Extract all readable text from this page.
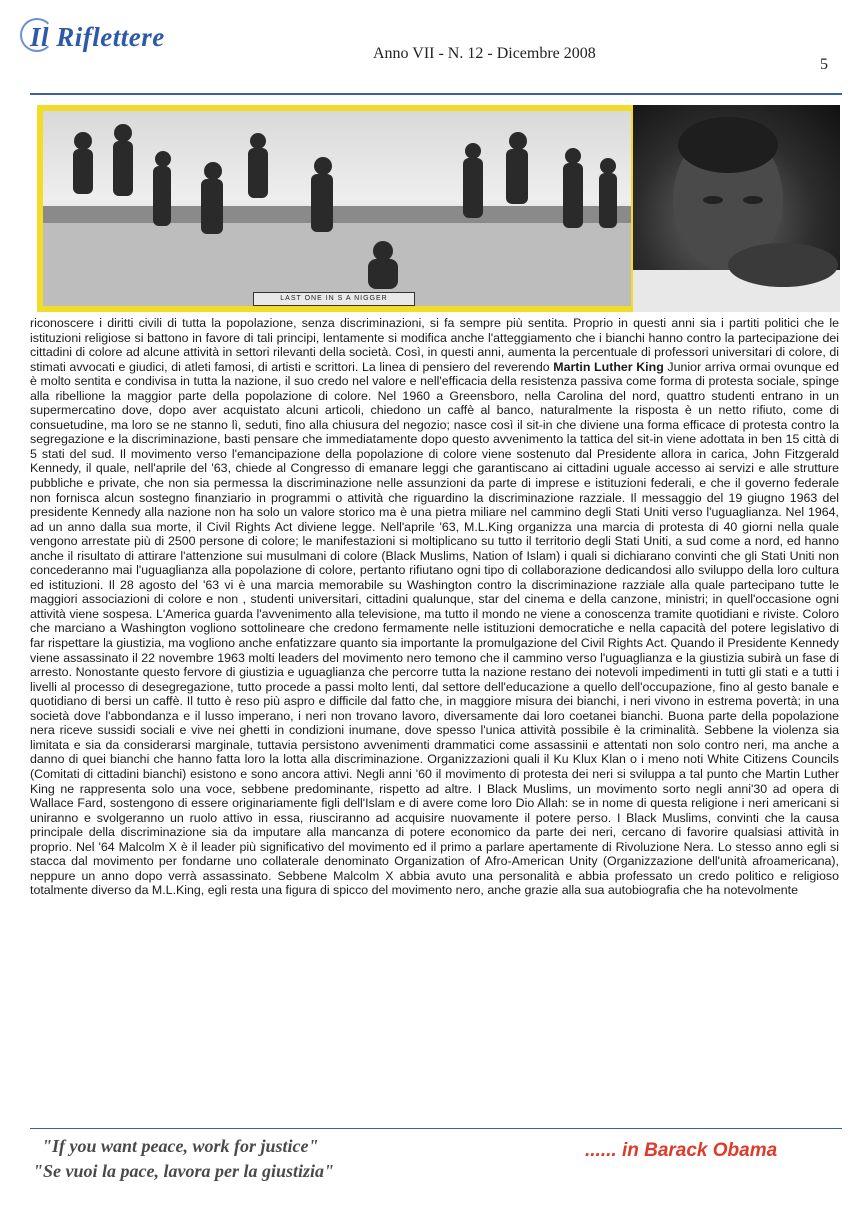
Il Riflettere
Anno VII - N. 12 - Dicembre 2008
5
LAST ONE IN S A NIGGER
riconoscere i diritti civili di tutta la popolazione, senza discriminazioni, si fa sempre più sentita. Proprio in questi anni sia i partiti politici che le istituzioni religiose si battono in favore di tali principi, lentamente si modifica anche l'atteggiamento che i bianchi hanno contro la partecipazione dei cittadini di colore ad alcune attività in settori rilevanti della società. Così, in questi anni, aumenta la percentuale di professori universitari di colore, di stimati avvocati e giudici, di atleti famosi, di artisti e scrittori. La linea di pensiero del reverendo Martin Luther King Junior arriva ormai ovunque ed è molto sentita e condivisa in tutta la nazione, il suo credo nel valore e nell'efficacia della resistenza passiva come forma di protesta sociale, spinge alla ribellione la maggior parte della popolazione di colore. Nel 1960 a Greensboro, nella Carolina del nord, quattro studenti entrano in un supermercatino dove, dopo aver acquistato alcuni articoli, chiedono un caffè al banco, naturalmente la risposta è un netto rifiuto, come di consuetudine, ma loro se ne stanno lì, seduti, fino alla chiusura del negozio; nasce così il sit-in che diviene una forma efficace di protesta contro la segregazione e la discriminazione, basti pensare che immediatamente dopo questo avvenimento la tattica del sit-in viene adottata in ben 15 città di 5 stati del sud. Il movimento verso l'emancipazione della popolazione di colore viene sostenuto dal Presidente allora in carica, John Fitzgerald Kennedy, il quale, nell'aprile del '63, chiede al Congresso di emanare leggi che garantiscano ai cittadini uguale accesso ai servizi e alle strutture pubbliche e private, che non sia permessa la discriminazione nelle assunzioni da parte di imprese e istituzioni federali, e che il governo federale non fornisca alcun sostegno finanziario in programmi o attività che riguardino la discriminazione razziale. Il messaggio del 19 giugno 1963 del presidente Kennedy alla nazione non ha solo un valore storico ma è una pietra miliare nel cammino degli Stati Uniti verso l'uguaglianza. Nel 1964, ad un anno dalla sua morte, il Civil Rights Act diviene legge. Nell'aprile '63, M.L.King organizza una marcia di protesta di 40 giorni nella quale vengono arrestate più di 2500 persone di colore; le manifestazioni si moltiplicano su tutto il territorio degli Stati Uniti, a sud come a nord, ed hanno anche il risultato di attirare l'attenzione sui musulmani di colore (Black Muslims, Nation of Islam) i quali si dichiarano convinti che gli Stati Uniti non concederanno mai l'uguaglianza alla popolazione di colore, pertanto rifiutano ogni tipo di collaborazione dedicandosi allo sviluppo della loro cultura ed istituzioni. Il 28 agosto del '63 vi è una marcia memorabile su Washington contro la discriminazione razziale alla quale partecipano tutte le maggiori associazioni di colore e non , studenti universitari, cittadini qualunque, star del cinema e della canzone, ministri; in quell'occasione ogni attività viene sospesa. L'America guarda l'avvenimento alla televisione, ma tutto il mondo ne viene a conoscenza tramite quotidiani e riviste. Coloro che marciano a Washington vogliono sottolineare che credono fermamente nelle istituzioni democratiche e nella capacità del potere legislativo di far rispettare la giustizia, ma vogliono anche enfatizzare quanto sia importante la promulgazione del Civil Rights Act. Quando il Presidente Kennedy viene assassinato il 22 novembre 1963 molti leaders del movimento nero temono che il cammino verso l'uguaglianza e la giustizia subirà un fase di arresto. Nonostante questo fervore di giustizia e uguaglianza che percorre tutta la nazione restano dei notevoli impedimenti in tutti gli stati e a tutti i livelli al processo di desegregazione, tutto procede a passi molto lenti, dal settore dell'educazione a quello dell'occupazione, fino al gesto banale e quotidiano di bersi un caffè. Il tutto è reso più aspro e difficile dal fatto che, in maggiore misura dei bianchi, i neri vivono in estrema povertà; in una società dove l'abbondanza e il lusso imperano, i neri non trovano lavoro, diversamente dai loro coetanei bianchi. Buona parte della popolazione nera riceve sussidi sociali e vive nei ghetti in condizioni inumane, dove spesso l'unica attività possibile è la criminalità. Sebbene la violenza sia limitata e sia da considerarsi marginale, tuttavia persistono avvenimenti drammatici come assassinii e attentati non solo contro neri, ma anche a danno di quei bianchi che hanno fatta loro la lotta alla discriminazione. Organizzazioni quali il Ku Klux Klan o i meno noti White Citizens Councils (Comitati di cittadini bianchi) esistono e sono ancora attivi. Negli anni '60 il movimento di protesta dei neri si sviluppa a tal punto che Martin Luther King ne rappresenta solo una voce, sebbene predominante, rispetto ad altre. I Black Muslims, un movimento sorto negli anni'30 ad opera di Wallace Fard, sostengono di essere originariamente figli dell'Islam e di avere come loro Dio Allah: se in nome di questa religione i neri americani si uniranno e svolgeranno un ruolo attivo in essa, riusciranno ad acquisire nuovamente il potere perso. I Black Muslims, convinti che la causa principale della discriminazione sia da imputare alla mancanza di potere economico da parte dei neri, cercano di favorire qualsiasi attività in proprio. Nel '64 Malcolm X è il leader più significativo del movimento ed il primo a parlare apertamente di Rivoluzione Nera. Lo stesso anno egli si stacca dal movimento per fondarne uno collaterale denominato Organization of Afro-American Unity (Organizzazione dell'unità afroamericana), neppure un anno dopo verrà assassinato. Sebbene Malcolm X abbia avuto una personalità e abbia professato un credo politico e religioso totalmente diverso da M.L.King, egli resta una figura di spicco del movimento nero, anche grazie alla sua autobiografia che ha notevolmente
"If you want peace, work for justice"
"Se vuoi la pace, lavora per la giustizia"
...... in Barack Obama
